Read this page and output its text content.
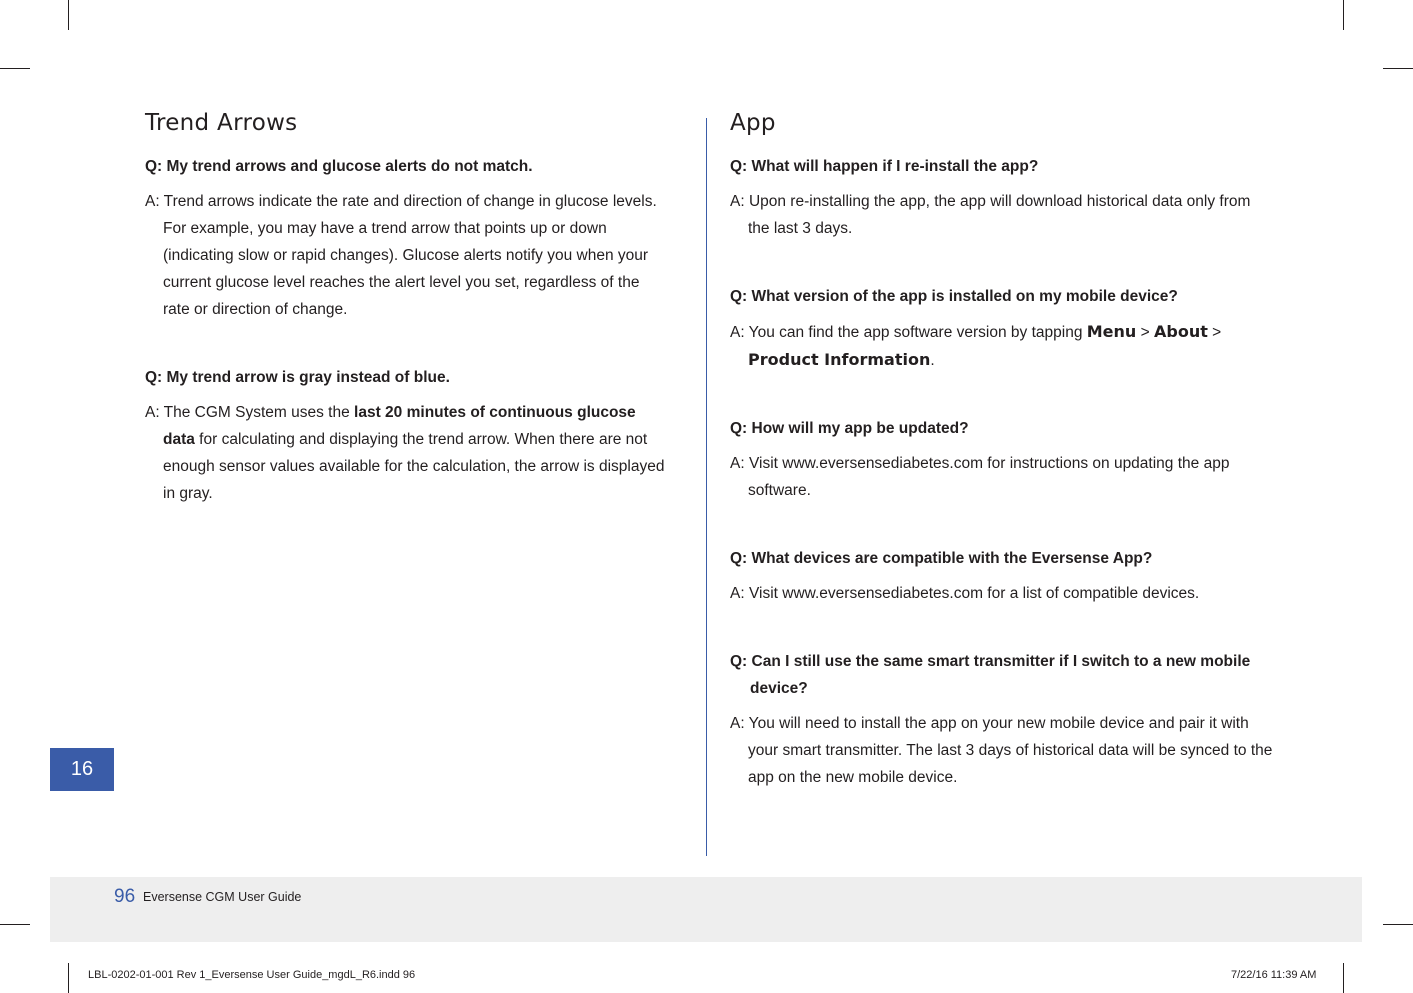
Trend Arrows

Q: My trend arrows and glucose alerts do not match.

A: Trend arrows indicate the rate and direction of change in glucose levels. For example, you may have a trend arrow that points up or down (indicating slow or rapid changes). Glucose alerts notify you when your current glucose level reaches the alert level you set, regardless of the rate or direction of change.

Q: My trend arrow is gray instead of blue.

A: The CGM System uses the last 20 minutes of continuous glucose data for calculating and displaying the trend arrow. When there are not enough sensor values available for the calculation, the arrow is displayed in gray.

App

Q: What will happen if I re-install the app?

A: Upon re-installing the app, the app will download historical data only from the last 3 days.

Q: What version of the app is installed on my mobile device?

A: You can find the app software version by tapping Menu > About > Product Information.

Q: How will my app be updated?

A: Visit www.eversensediabetes.com for instructions on updating the app software.

Q: What devices are compatible with the Eversense App?

A: Visit www.eversensediabetes.com for a list of compatible devices.

Q: Can I still use the same smart transmitter if I switch to a new mobile device?

A: You will need to install the app on your new mobile device and pair it with your smart transmitter. The last 3 days of historical data will be synced to the app on the new mobile device.

16
96 Eversense CGM User Guide
LBL-0202-01-001 Rev 1_Eversense User Guide_mgdL_R6.indd 96	7/22/16 11:39 AM
